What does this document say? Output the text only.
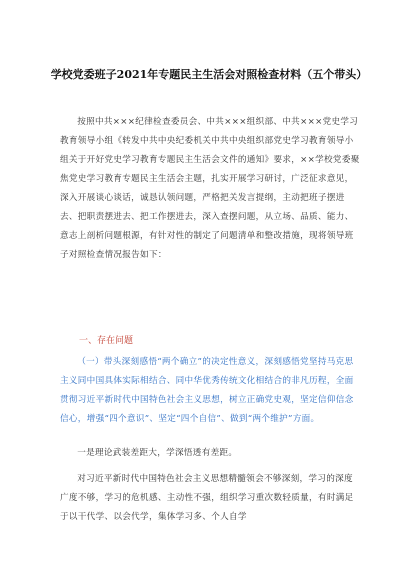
学校党委班子2021年专题民主生活会对照检查材料（五个带头）
按照中共×××纪律检查委员会、中共×××组织部、中共×××党史学习教育领导小组《转发中共中央纪委机关中共中央组织部党史学习教育领导小组关于开好党史学习教育专题民主生活会文件的通知》要求，××学校党委聚焦党史学习教育专题民主生活会主题，扎实开展学习研讨，广泛征求意见，深入开展谈心谈话，诚恳认领问题，严格把关发言提纲，主动把班子摆进去、把职责摆进去、把工作摆进去，深入查摆问题，从立场、品质、能力、意志上剖析问题根源，有针对性的制定了问题清单和整改措施，现将领导班子对照检查情况报告如下：
一、存在问题
（一）带头深刻感悟“两个确立”的决定性意义，深刻感悟党坚持马克思主义同中国具体实际相结合、同中华优秀传统文化相结合的非凡历程，全面贯彻习近平新时代中国特色社会主义思想，树立正确党史观，坚定信仰信念信心，增强“四个意识”、坚定“四个自信”、做到“两个维护”方面。
一是理论武装差距大，学深悟透有差距。
对习近平新时代中国特色社会主义思想精髓领会不够深刻，学习的深度广度不够，学习的危机感、主动性不强，组织学习重次数轻质量，有时满足于以干代学、以会代学，集体学习多、个人自学
